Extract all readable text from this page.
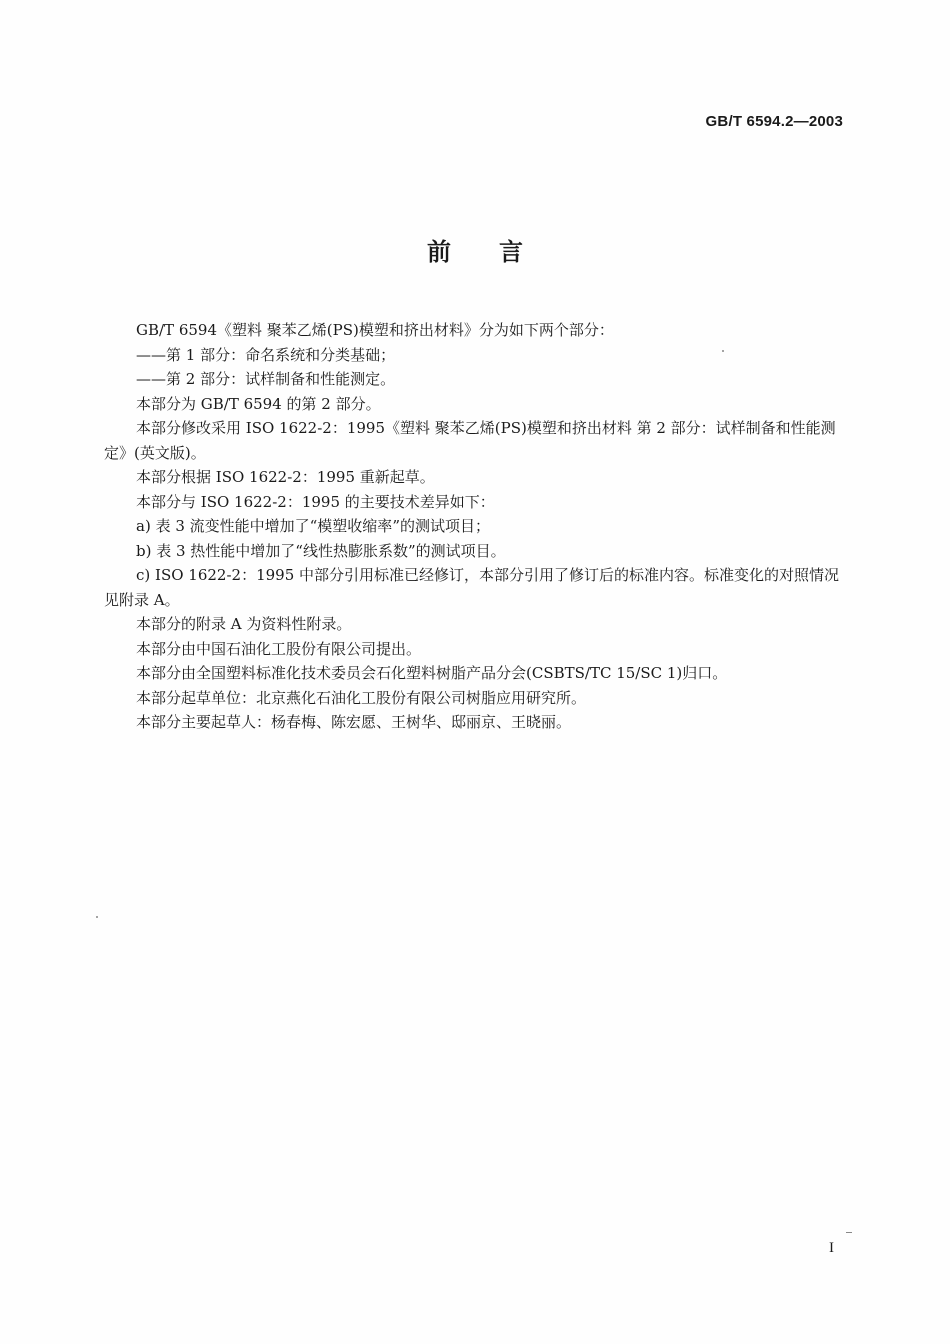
GB/T 6594.2—2003
前言

GB/T 6594《塑料 聚苯乙烯(PS)模塑和挤出材料》分为如下两个部分：

——第 1 部分：命名系统和分类基础；

——第 2 部分：试样制备和性能测定。

本部分为 GB/T 6594 的第 2 部分。

本部分修改采用 ISO 1622-2：1995《塑料 聚苯乙烯(PS)模塑和挤出材料 第 2 部分：试样制备和性能测定》(英文版)。

本部分根据 ISO 1622-2：1995 重新起草。

本部分与 ISO 1622-2：1995 的主要技术差异如下：

a) 表 3 流变性能中增加了“模塑收缩率”的测试项目；

b) 表 3 热性能中增加了“线性热膨胀系数”的测试项目。

c) ISO 1622-2：1995 中部分引用标准已经修订，本部分引用了修订后的标准内容。标准变化的对照情况见附录 A。

本部分的附录 A 为资料性附录。

本部分由中国石油化工股份有限公司提出。

本部分由全国塑料标准化技术委员会石化塑料树脂产品分会(CSBTS/TC 15/SC 1)归口。

本部分起草单位：北京燕化石油化工股份有限公司树脂应用研究所。

本部分主要起草人：杨春梅、陈宏愿、王树华、邸丽京、王晓丽。

I
